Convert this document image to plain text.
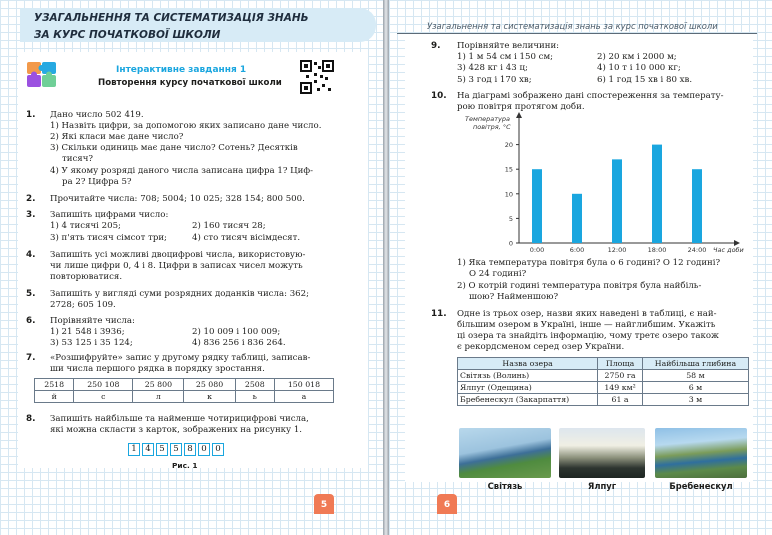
УЗАГАЛЬНЕННЯ ТА СИСТЕМАТИЗАЦІЯ ЗНАНЬ
ЗА КУРС ПОЧАТКОВОЇ ШКОЛИ
Інтерактивне завдання 1
Повторення курсу початкової школи
1. Дано число 502 419.
1) Назвіть цифри, за допомогою яких записано дане число.
2) Які класи має дане число?
3) Скільки одиниць має дане число? Сотень? Десятків
тисяч?
4) У якому розряді даного числа записана цифра 1? Циф-
ра 2? Цифра 5?
2. Прочитайте числа: 708; 5004; 10 025; 328 154; 800 500.
3. Запишіть цифрами число:
1) 4 тисячі 205;	2) 160 тисяч 28;
3) п'ять тисяч сімсот три;	4) сто тисяч вісімдесят.
4. Запишіть усі можливі двоцифрові числа, використовую-
чи лише цифри 0, 4 і 8. Цифри в записах чисел можуть
повторюватися.
5. Запишіть у вигляді суми розрядних доданків числа: 362;
2728; 605 109.
6. Порівняйте числа:
1) 21 548 і 3936;	2) 10 009 і 100 009;
3) 53 125 і 35 124;	4) 836 256 і 836 264.
7. «Розшифруйте» запис у другому рядку таблиці, записав-
ши числа першого рядка в порядку зростання.
2518	250 108	25 800	25 080	2508	150 018
й	с	л	к	ь	а
8. Запишіть найбільше та найменше чотирицифрові числа,
які можна скласти з карток, зображених на рисунку 1.
1 4 5 5 8 0 0
Рис. 1
5
Узагальнення та систематизація знань за курс початкової школи
9. Порівняйте величини:
1) 1 м 54 см і 150 см;	2) 20 км і 2000 м;
3) 428 кг і 43 ц;	4) 10 т і 10 000 кг;
5) 3 год і 170 хв;	6) 1 год 15 хв і 80 хв.
10. На діаграмі зображено дані спостереження за температу-
рою повітря протягом доби.
Температура повітря, °С
0
5
10
15
20
0:00	6:00	12:00	18:00	24:00 Час доби
1) Яка температура повітря була о 6 годині? О 12 годині?
О 24 годині?
2) О котрій годині температура повітря була найбіль-
шою? Найменшою?
11. Одне із трьох озер, назви яких наведені в таблиці, є най-
більшим озером в Україні, інше — найглибшим. Укажіть
ці озера та знайдіть інформацію, чому третє озеро також
є рекордсменом серед озер України.
Назва озера	Площа	Найбільша глибина
Світязь (Волинь)	2750 га	58 м
Ялпуг (Одещина)	149 км²	6 м
Бребенескул (Закарпаття)	61 а	3 м
Світязь	Ялпуг	Бребенескул
6
